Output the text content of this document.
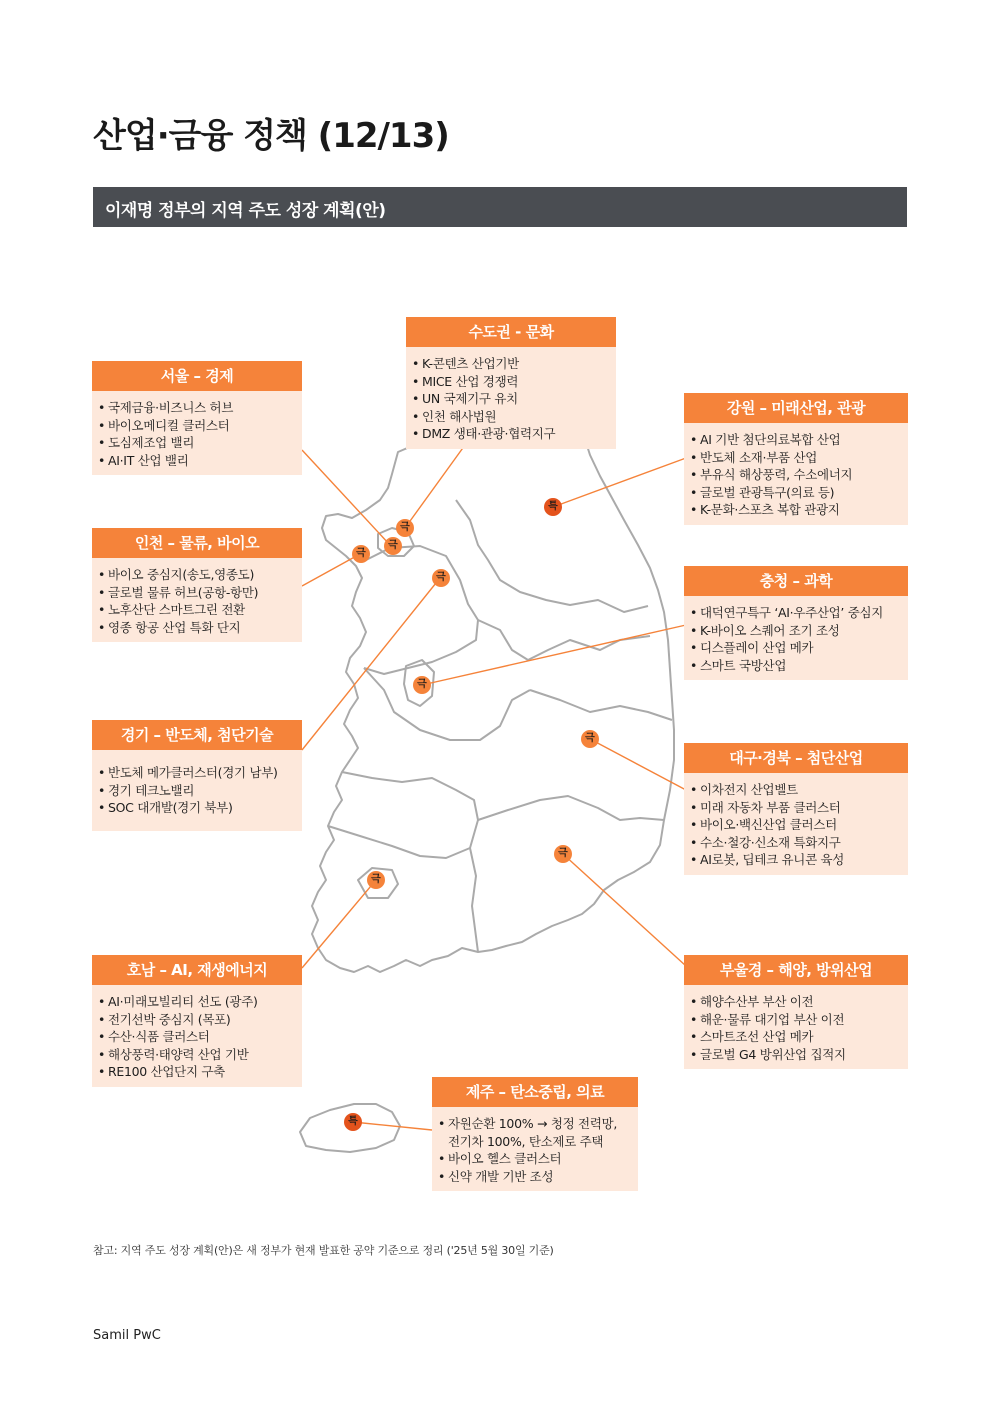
산업·금융 정책 (12/13)
이재명 정부의 지역 주도 성장 계획(안)
극
극
극
극
극
극
극
극
특
특
수도권 - 문화
• K-콘텐츠 산업기반
• MICE 산업 경쟁력
• UN 국제기구 유치
• 인천 해사법원
• DMZ 생태·관광·협력지구
서울 – 경제
• 국제금융·비즈니스 허브
• 바이오메디컬 클러스터
• 도심제조업 밸리
• AI·IT 산업 밸리
인천 – 물류, 바이오
• 바이오 중심지(송도,영종도)
• 글로벌 물류 허브(공항-항만)
• 노후산단 스마트그린 전환
• 영종 항공 산업 특화 단지
경기 – 반도체, 첨단기술
• 반도체 메가클러스터(경기 남부)
• 경기 테크노밸리
• SOC 대개발(경기 북부)
호남 – AI, 재생에너지
• AI·미래모빌리티 선도 (광주)
• 전기선박 중심지 (목포)
• 수산·식품 클러스터
• 해상풍력·태양력 산업 기반
• RE100 산업단지 구축
강원 – 미래산업, 관광
• AI 기반 첨단의료복합 산업
• 반도체 소재·부품 산업
• 부유식 해상풍력, 수소에너지
• 글로벌 관광특구(의료 등)
• K-문화·스포츠 복합 관광지
충청 – 과학
• 대덕연구특구 ‘AI·우주산업’ 중심지
• K-바이오 스퀘어 조기 조성
• 디스플레이 산업 메카
• 스마트 국방산업
대구·경북 – 첨단산업
• 이차전지 산업벨트
• 미래 자동차 부품 클러스터
• 바이오·백신산업 클러스터
• 수소·철강·신소재 특화지구
• AI로봇, 딥테크 유니콘 육성
부울경 – 해양, 방위산업
• 해양수산부 부산 이전
• 해운·물류 대기업 부산 이전
• 스마트조선 산업 메카
• 글로벌 G4 방위산업 집적지
제주 – 탄소중립, 의료
• 자원순환 100% → 청정 전력망,
전기차 100%, 탄소제로 주택
• 바이오 헬스 클러스터
• 신약 개발 기반 조성
참고: 지역 주도 성장 계획(안)은 새 정부가 현재 발표한 공약 기준으로 정리 ('25년 5월 30일 기준)
Samil PwC
